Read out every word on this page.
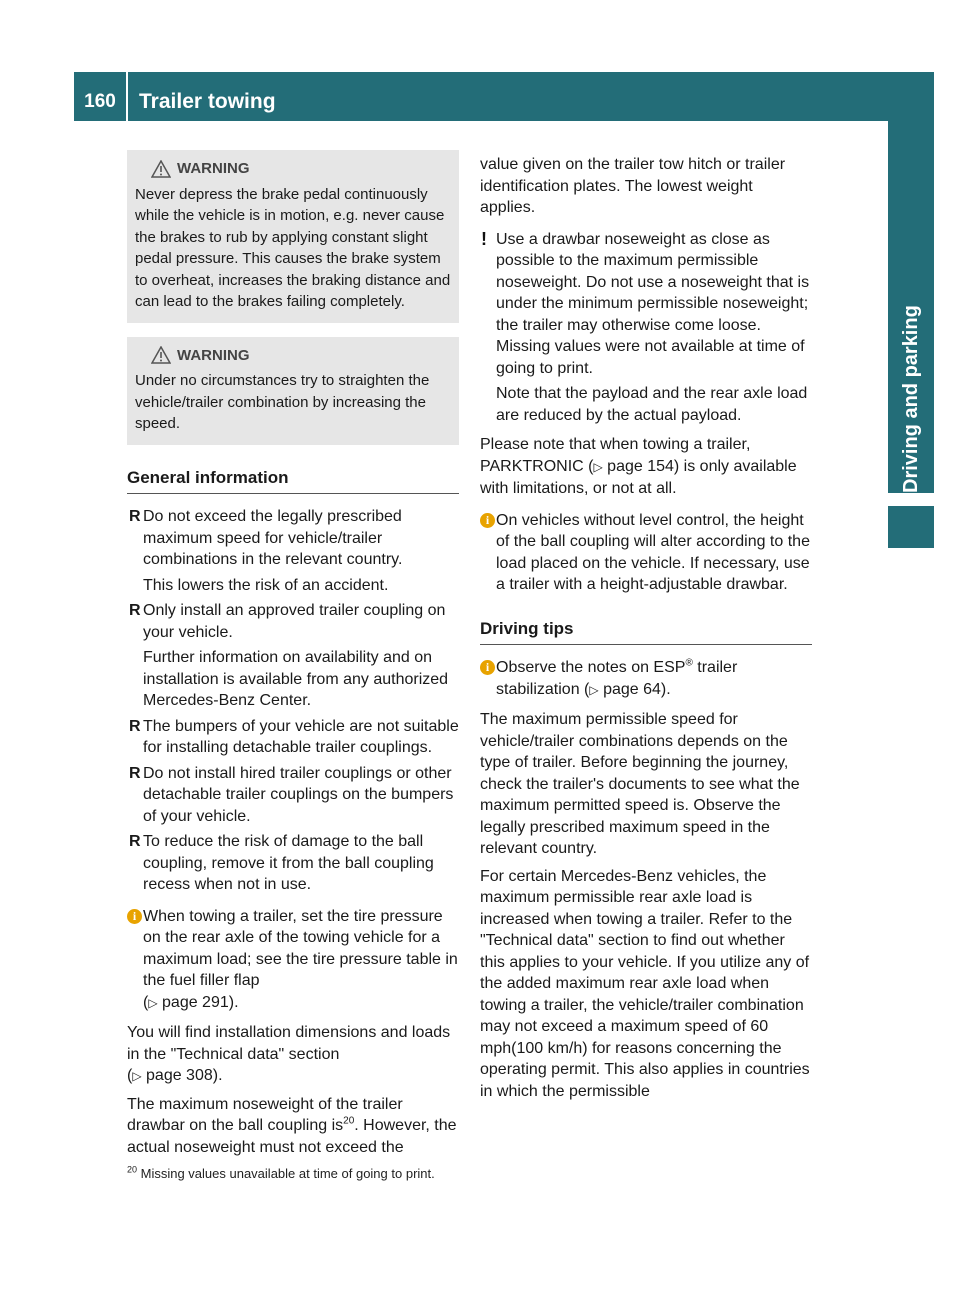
160	Trailer towing
Driving and parking
WARNING
Never depress the brake pedal continuously while the vehicle is in motion, e.g. never cause the brakes to rub by applying constant slight pedal pressure. This causes the brake system to overheat, increases the braking distance and can lead to the brakes failing completely.
WARNING
Under no circumstances try to straighten the vehicle/trailer combination by increasing the speed.
General information
R Do not exceed the legally prescribed maximum speed for vehicle/trailer combinations in the relevant country.
This lowers the risk of an accident.
R Only install an approved trailer coupling on your vehicle.
Further information on availability and on installation is available from any authorized Mercedes-Benz Center.
R The bumpers of your vehicle are not suitable for installing detachable trailer couplings.
R Do not install hired trailer couplings or other detachable trailer couplings on the bumpers of your vehicle.
R To reduce the risk of damage to the ball coupling, remove it from the ball coupling recess when not in use.
i When towing a trailer, set the tire pressure on the rear axle of the towing vehicle for a maximum load; see the tire pressure table in the fuel filler flap
(▷ page 291).

You will find installation dimensions and loads in the "Technical data" section
(▷ page 308).

The maximum noseweight of the trailer drawbar on the ball coupling $is^{20}$. However, the actual noseweight must not exceed the

value given on the trailer tow hitch or trailer identification plates. The lowest weight applies.

! Use a drawbar noseweight as close as possible to the maximum permissible noseweight. Do not use a noseweight that is under the minimum permissible noseweight; the trailer may otherwise come loose. Missing values were not available at time of going to print.
Note that the payload and the rear axle load are reduced by the actual payload.

Please note that when towing a trailer, PARKTRONIC (▷ page 154) is only available with limitations, or not at all.

i On vehicles without level control, the height of the ball coupling will alter according to the load placed on the vehicle. If necessary, use a trailer with a height-adjustable drawbar.
Driving tips
i Observe the notes on ESP® trailer stabilization (▷ page 64).

The maximum permissible speed for vehicle/trailer combinations depends on the type of trailer. Before beginning the journey, check the trailer's documents to see what the maximum permitted speed is. Observe the legally prescribed maximum speed in the relevant country.

For certain Mercedes-Benz vehicles, the maximum permissible rear axle load is increased when towing a trailer. Refer to the "Technical data" section to find out whether this applies to your vehicle. If you utilize any of the added maximum rear axle load when towing a trailer, the vehicle/trailer combination may not exceed a maximum speed of 60 mph(100 km/h) for reasons concerning the operating permit. This also applies in countries in which the permissible

$^{20}$ Missing values unavailable at time of going to print.
